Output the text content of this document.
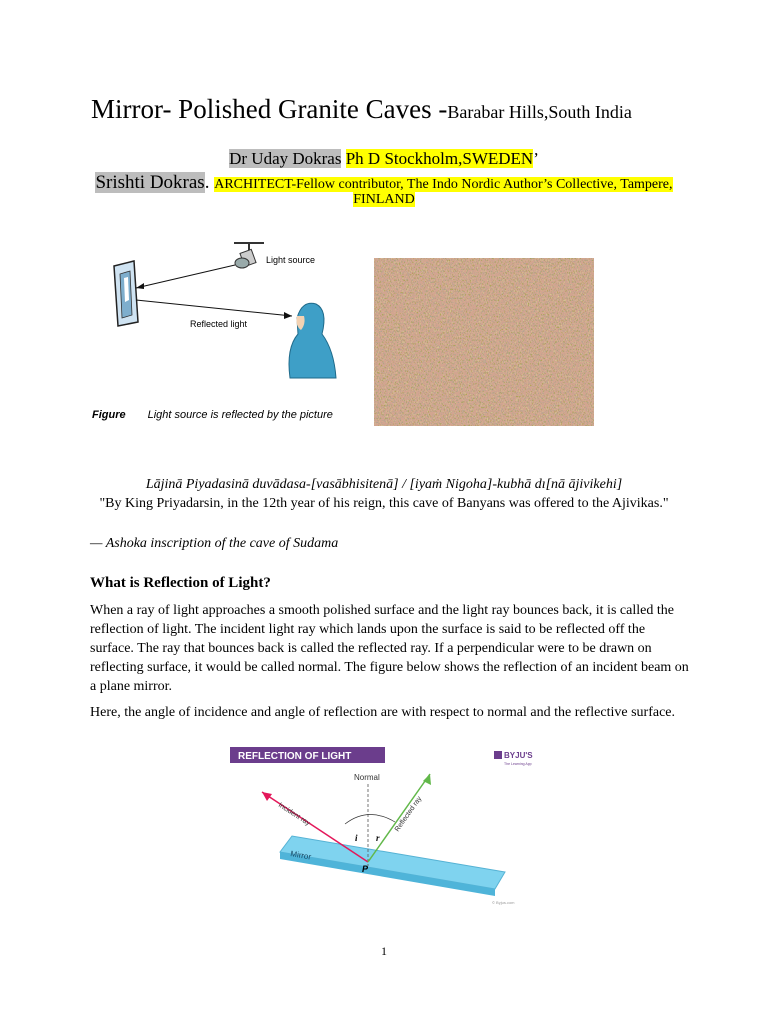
Mirror- Polished Granite Caves -Barabar Hills,South India
Dr Uday Dokras Ph D Stockholm,SWEDEN’
Srishti Dokras. ARCHITECT-Fellow contributor, The Indo Nordic Author’s Collective, Tampere,
FINLAND
Light source
Reflected light
Figure Light source is reflected by the picture
Lājinā Piyadasinā duvādasa-[vasābhisitenā] / [iyaṁ Nigoha]-kubhā dı[nā ājivikehi]
"By King Priyadarsin, in the 12th year of his reign, this cave of Banyans was offered to the Ajivikas."
— Ashoka inscription of the cave of Sudama
What is Reflection of Light?
When a ray of light approaches a smooth polished surface and the light ray bounces back, it is called the reflection of light. The incident light ray which lands upon the surface is said to be reflected off the surface. The ray that bounces back is called the reflected ray. If a perpendicular were to be drawn on reflecting surface, it would be called normal. The figure below shows the reflection of an incident beam on a plane mirror.
Here, the angle of incidence and angle of reflection are with respect to normal and the reflective surface.
REFLECTION OF LIGHT	BYJU'S
The Learning App
Mirror
Normal
Incident ray	Reflected ray
i r
P
© Byjus.com
1
